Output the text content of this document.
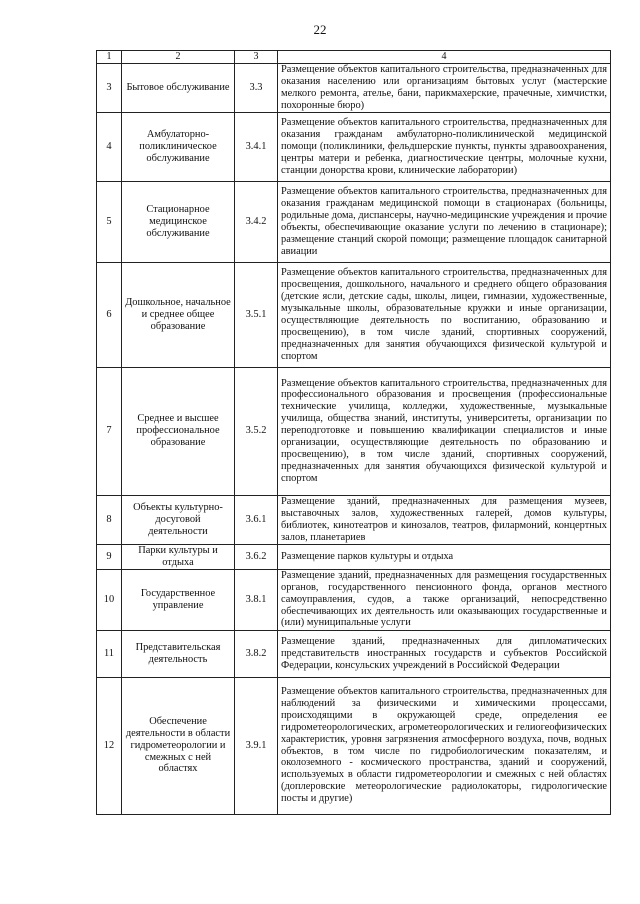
22
1	2	3	4
3	Бытовое обслуживание	3.3	Размещение объектов капитального строительства, предназначенных для оказания населению или организациям бытовых услуг (мастерские мелкого ремонта, ателье, бани, парикмахерские, прачечные, химчистки, похоронные бюро)
4	Амбулаторно-поликлиническое обслуживание	3.4.1	Размещение объектов капитального строительства, предназначенных для оказания гражданам амбулаторно-поликлинической медицинской помощи (поликлиники, фельдшерские пункты, пункты здравоохранения, центры матери и ребенка, диагностические центры, молочные кухни, станции донорства крови, клинические лаборатории)
5	Стационарное медицинское обслуживание	3.4.2	Размещение объектов капитального строительства, предназначенных для оказания гражданам медицинской помощи в стационарах (больницы, родильные дома, диспансеры, научно-медицинские учреждения и прочие объекты, обеспечивающие оказание услуги по лечению в стационаре); размещение станций скорой помощи; размещение площадок санитарной авиации
6	Дошкольное, начальное и среднее общее образование	3.5.1	Размещение объектов капитального строительства, предназначенных для просвещения, дошкольного, начального и среднего общего образования (детские ясли, детские сады, школы, лицеи, гимназии, художественные, музыкальные школы, образовательные кружки и иные организации, осуществляющие деятельность по воспитанию, образованию и просвещению), в том числе зданий, спортивных сооружений, предназначенных для занятия обучающихся физической культурой и спортом
7	Среднее и высшее профессиональное образование	3.5.2	Размещение объектов капитального строительства, предназначенных для профессионального образования и просвещения (профессиональные технические училища, колледжи, художественные, музыкальные училища, общества знаний, институты, университеты, организации по переподготовке и повышению квалификации специалистов и иные организации, осуществляющие деятельность по образованию и просвещению), в том числе зданий, спортивных сооружений, предназначенных для занятия обучающихся физической культурой и спортом
8	Объекты культурно-досуговой деятельности	3.6.1	Размещение зданий, предназначенных для размещения музеев, выставочных залов, художественных галерей, домов культуры, библиотек, кинотеатров и кинозалов, театров, филармоний, концертных залов, планетариев
9	Парки культуры и отдыха	3.6.2	Размещение парков культуры и отдыха
10	Государственное управление	3.8.1	Размещение зданий, предназначенных для размещения государственных органов, государственного пенсионного фонда, органов местного самоуправления, судов, а также организаций, непосредственно обеспечивающих их деятельность или оказывающих государственные и (или) муниципальные услуги
11	Представительская деятельность	3.8.2	Размещение зданий, предназначенных для дипломатических представительств иностранных государств и субъектов Российской Федерации, консульских учреждений в Российской Федерации
12	Обеспечение деятельности в области гидрометеорологии и смежных с ней областях	3.9.1	Размещение объектов капитального строительства, предназначенных для наблюдений за физическими и химическими процессами, происходящими в окружающей среде, определения ее гидрометеорологических, агрометеорологических и гелиогеофизических характеристик, уровня загрязнения атмосферного воздуха, почв, водных объектов, в том числе по гидробиологическим показателям, и околоземного - космического пространства, зданий и сооружений, используемых в области гидрометеорологии и смежных с ней областях (доплеровские метеорологические радиолокаторы, гидрологические посты и другие)
